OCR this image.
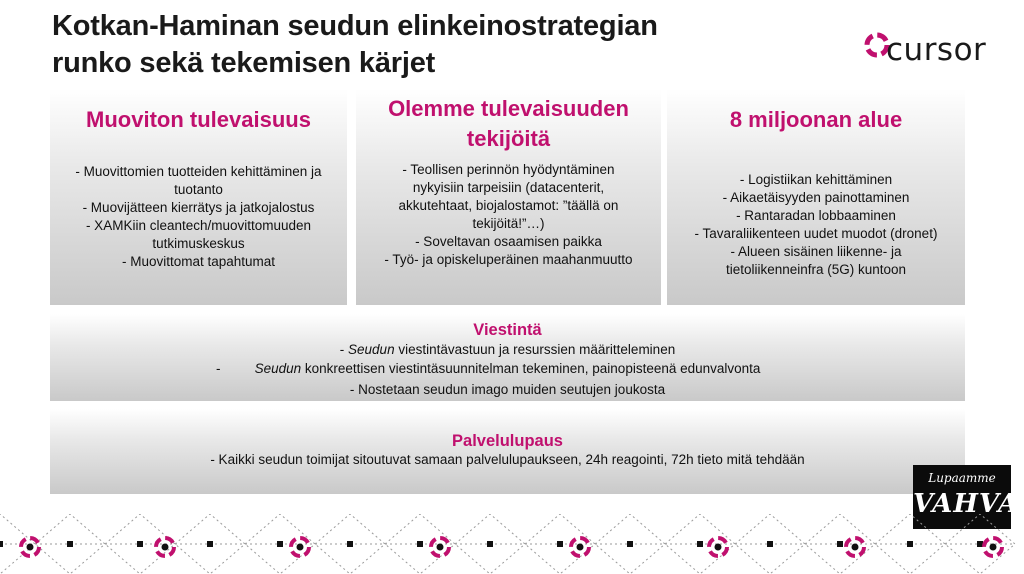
Kotkan-Haminan seudun elinkeinostrategian
runko sekä tekemisen kärjet	cursor
Muoviton tulevaisuus
- Muovittomien tuotteiden kehittäminen ja tuotanto
- Muovijätteen kierrätys ja jatkojalostus
- XAMKiin cleantech/muovittomuuden tutkimuskeskus
- Muovittomat tapahtumat
Olemme tulevaisuuden tekijöitä
- Teollisen perinnön hyödyntäminen nykyisiin tarpeisiin (datacenterit, akkutehtaat, biojalostamot: ”täällä on tekijöitä!”…)
- Soveltavan osaamisen paikka
- Työ- ja opiskeluperäinen maahanmuutto
8 miljoonan alue
- Logistiikan kehittäminen
- Aikaetäisyyden painottaminen
- Rantaradan lobbaaminen
- Tavaraliikenteen uudet muodot (dronet)
- Alueen sisäinen liikenne- ja tietoliikenneinfra (5G) kuntoon
Viestintä
- Seudun viestintävastuun ja resurssien määritteleminen
-	Seudun konkreettisen viestintäsuunnitelman tekeminen, painopisteenä edunvalvonta
- Nostetaan seudun imago muiden seutujen joukosta
Palvelulupaus
- Kaikki seudun toimijat sitoutuvat samaan palvelulupaukseen, 24h reagointi, 72h tieto mitä tehdään
Lupaamme
VAHVA
